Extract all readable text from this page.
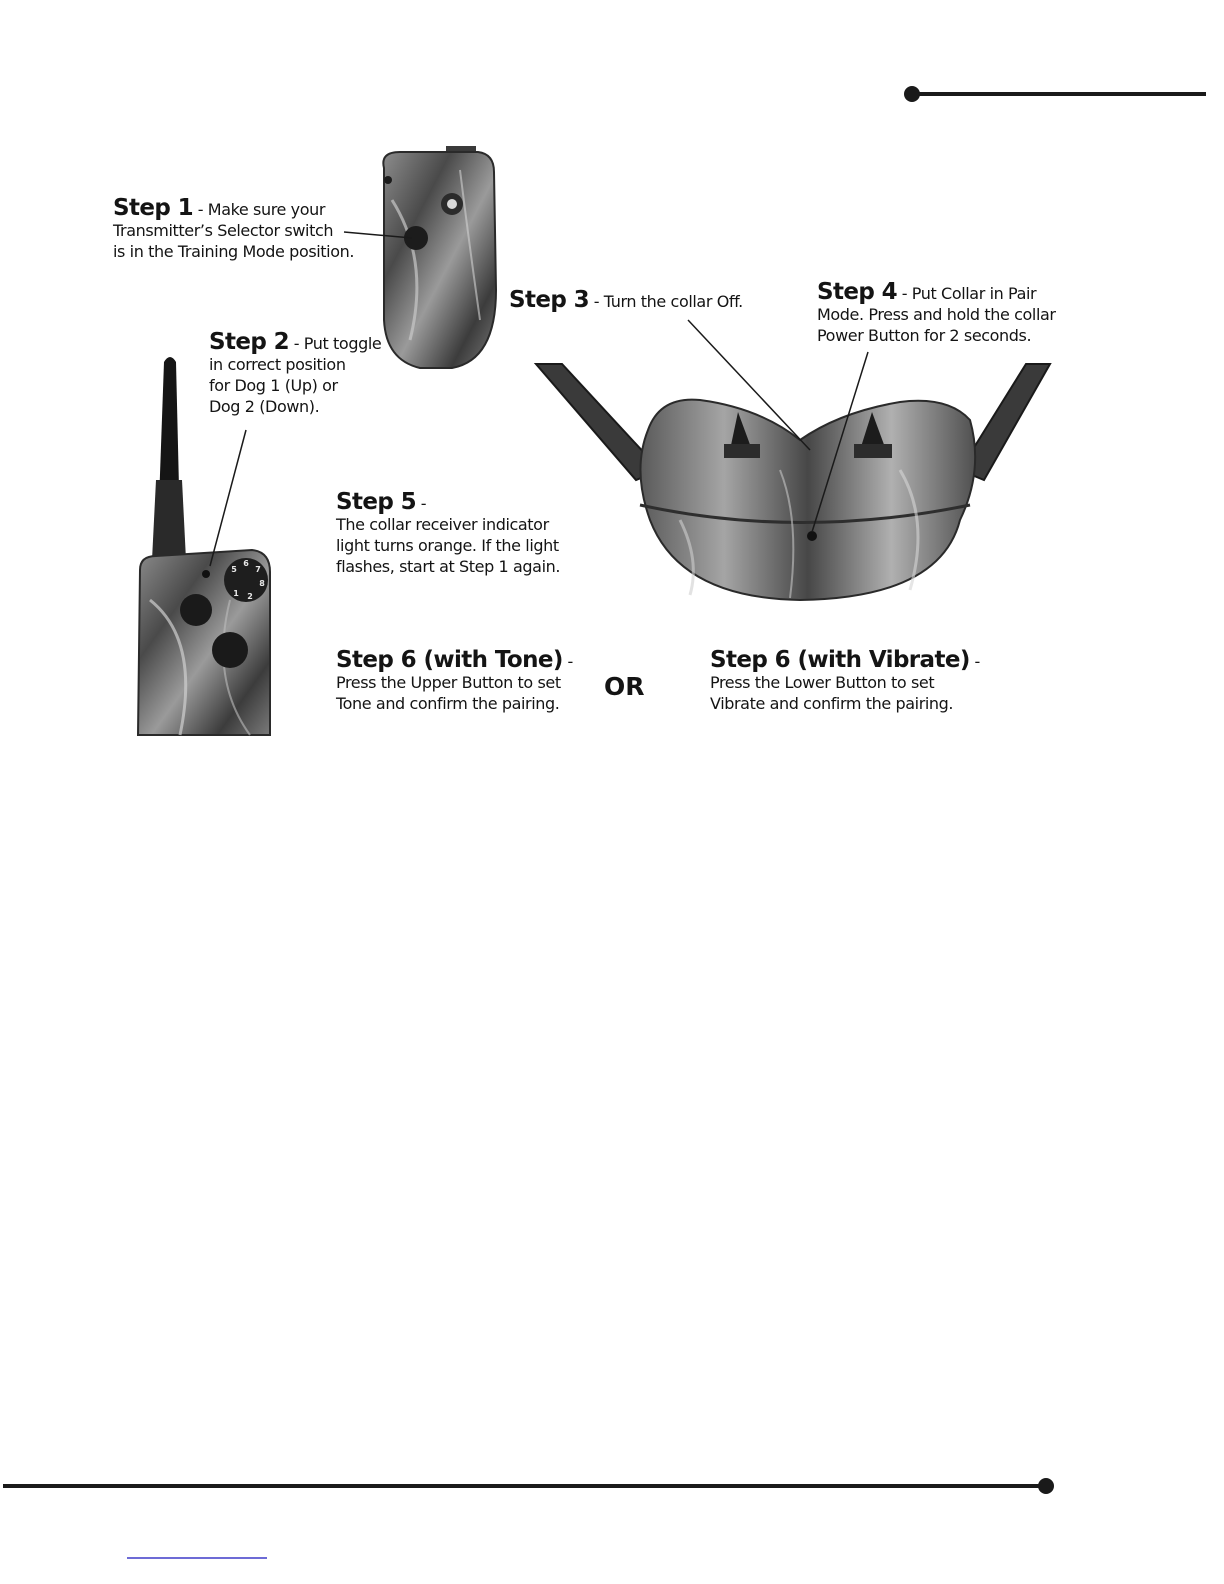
5
6
7
8
1 2
Step 1 - Make sure your
Transmitter’s Selector switch
is in the Training Mode position.
Step 2 - Put toggle
in correct position
for Dog 1 (Up) or
Dog 2 (Down).
Step 3 - Turn the collar Off.	Step 4 - Put Collar in Pair
Mode. Press and hold the collar
Power Button for 2 seconds.
Step 5 -
The collar receiver indicator
light turns orange. If the light
flashes, start at Step 1 again.
Step 6 (with Tone) -
Press the Upper Button to set
Tone and confirm the pairing.
OR
Step 6 (with Vibrate) -
Press the Lower Button to set
Vibrate and confirm the pairing.
